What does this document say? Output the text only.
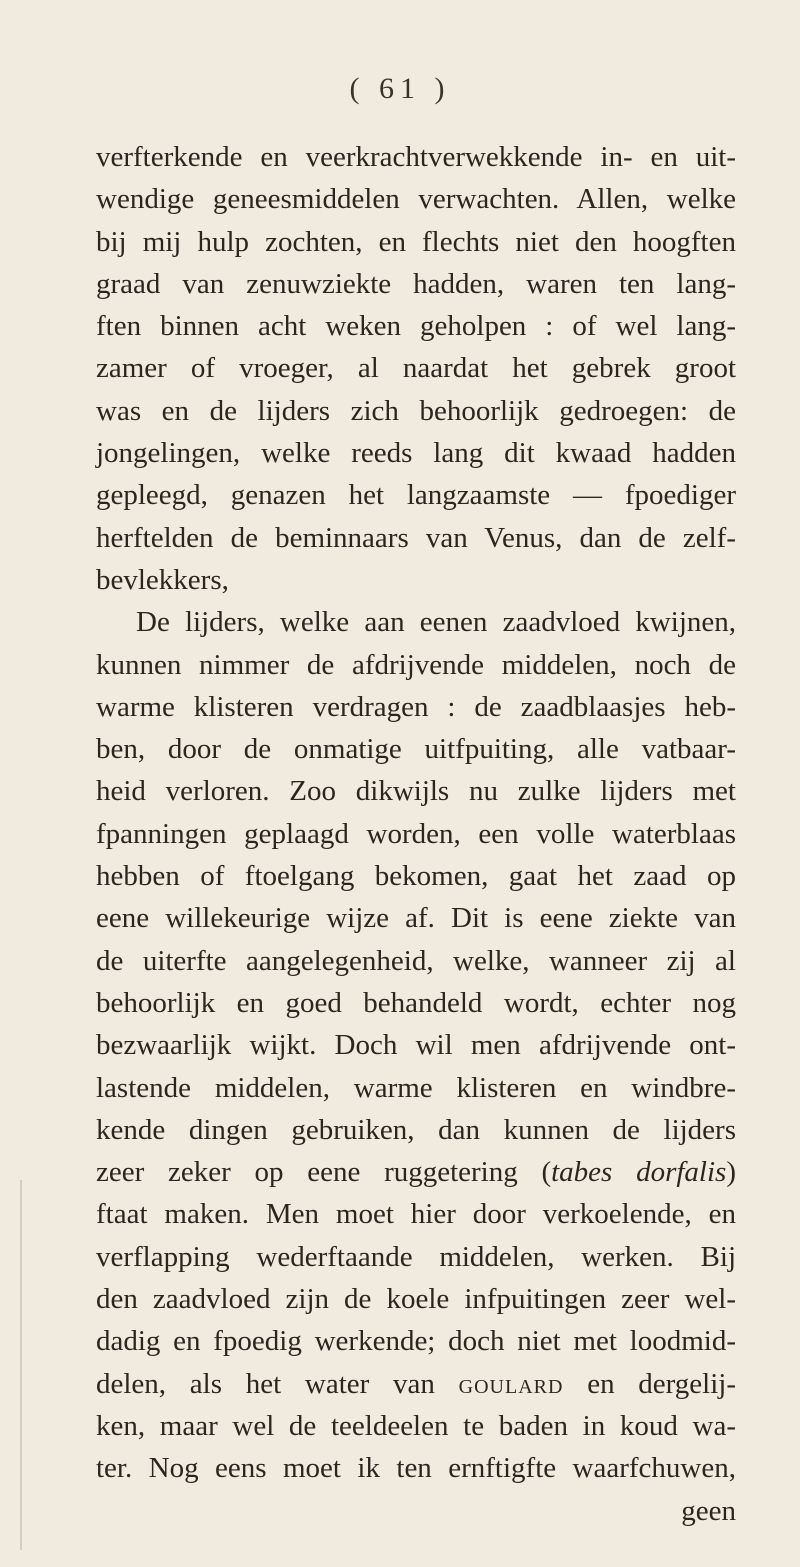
( 61 )
verfterkende en veerkrachtverwekkende in- en uit-
wendige geneesmiddelen verwachten. Allen, welke
bij mij hulp zochten, en flechts niet den hoogften
graad van zenuwziekte hadden, waren ten lang-
ften binnen acht weken geholpen : of wel lang-
zamer of vroeger, al naardat het gebrek groot
was en de lijders zich behoorlijk gedroegen: de
jongelingen, welke reeds lang dit kwaad hadden
gepleegd, genazen het langzaamste — fpoediger
herftelden de beminnaars van Venus, dan de zelf-
bevlekkers,
De lijders, welke aan eenen zaadvloed kwijnen,
kunnen nimmer de afdrijvende middelen, noch de
warme klisteren verdragen : de zaadblaasjes heb-
ben, door de onmatige uitfpuiting, alle vatbaar-
heid verloren. Zoo dikwijls nu zulke lijders met
fpanningen geplaagd worden, een volle waterblaas
hebben of ftoelgang bekomen, gaat het zaad op
eene willekeurige wijze af. Dit is eene ziekte van
de uiterfte aangelegenheid, welke, wanneer zij al
behoorlijk en goed behandeld wordt, echter nog
bezwaarlijk wijkt. Doch wil men afdrijvende ont-
lastende middelen, warme klisteren en windbre-
kende dingen gebruiken, dan kunnen de lijders
zeer zeker op eene ruggetering (tabes dorfalis)
ftaat maken. Men moet hier door verkoelende, en
verflapping wederftaande middelen, werken. Bij
den zaadvloed zijn de koele infpuitingen zeer wel-
dadig en fpoedig werkende; doch niet met loodmid-
delen, als het water van goulard en dergelij-
ken, maar wel de teeldeelen te baden in koud wa-
ter. Nog eens moet ik ten ernftigfte waarfchuwen,
geen
